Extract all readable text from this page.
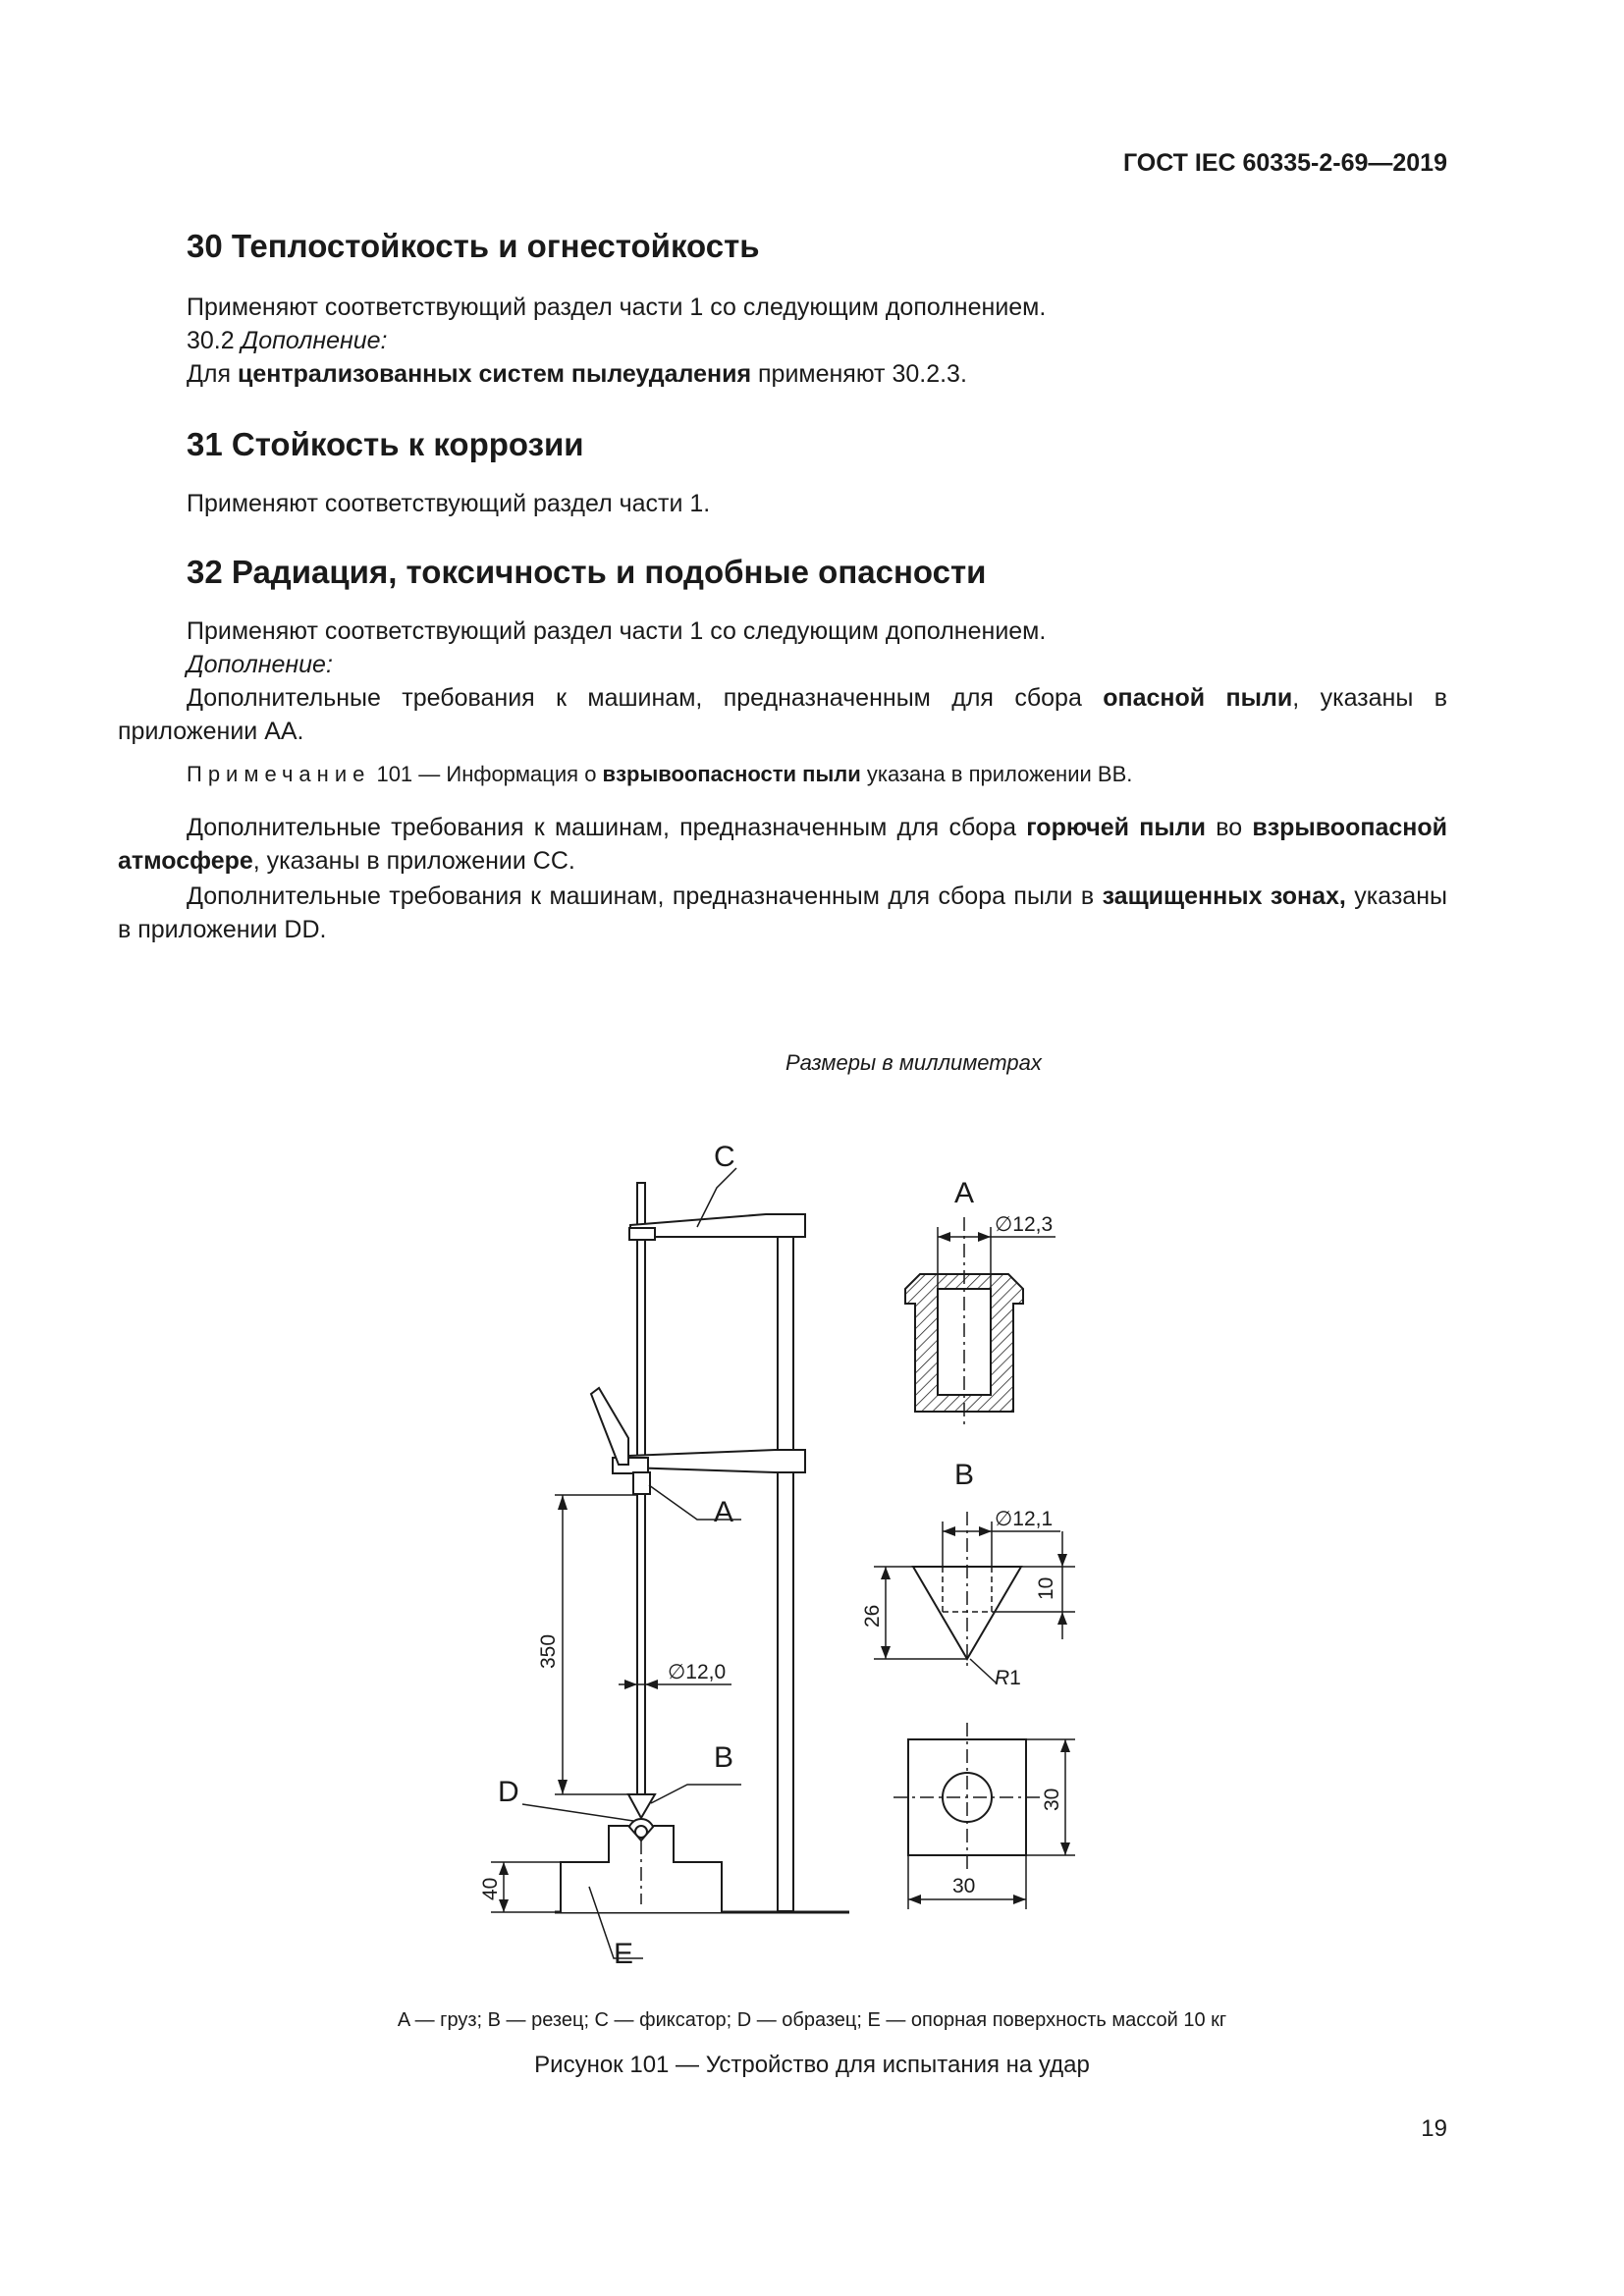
ГОСТ IEC 60335-2-69—2019
30 Теплостойкость и огнестойкость
Применяют соответствующий раздел части 1 со следующим дополнением.
30.2 Дополнение:
Для централизованных систем пылеудаления применяют 30.2.3.
31 Стойкость к коррозии
Применяют соответствующий раздел части 1.
32 Радиация, токсичность и подобные опасности
Применяют соответствующий раздел части 1 со следующим дополнением.
Дополнение:
Дополнительные требования к машинам, предназначенным для сбора опасной пыли, указаны в приложении AA.
Примечание 101 — Информация о взрывоопасности пыли указана в приложении BB.
Дополнительные требования к машинам, предназначенным для сбора горючей пыли во взрывоопасной атмосфере, указаны в приложении CC.
Дополнительные требования к машинам, предназначенным для сбора пыли в защищенных зонах, указаны в приложении DD.
Размеры в миллиметрах
C
A
B
D
E
A
B
∅12,3
∅12,1
∅12,0
350
40
26
10
30
30
R1
A — груз; B — резец; C — фиксатор; D — образец; E — опорная поверхность массой 10 кг
Рисунок 101 — Устройство для испытания на удар
19
